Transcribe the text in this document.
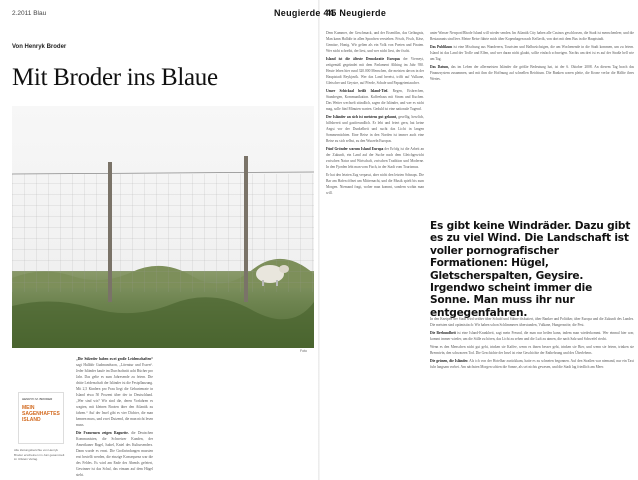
2.2011 Blau	Neugierde 44
Von Henryk Broder
Mit Broder ins Blaue
Foto

„Die Sülzeder haben zwei große Leidenschaften“ sagt Halldór Gudmundsson, „Literatur und Essen“. Jeder Isländer kaufe im Durchschnitt acht Bücher pro Jahr. Das gelte es zum Jahresende zu feiern. Die dritte Leidenschaft der Isländer ist die Festpflanzung. Mit 2,5 Kindern pro Frau liegt die Geburtenrate in Island etwa 50 Prozent über der in Deutschland. „Wer sind wir? Wir sind die, deren Vorfahren es wagten, mit kleinen Booten über den Atlantik zu fahren.“ Auf der Insel gibt es vier Dichter, die man kennen muss, und zwei Dutzend, die man nicht lesen muss.

Die Frauensen zeigen Raguette. die Deutschen Kommunisten, die Schweizer Kunden, der Amerikaner Bagel, Isabel, Kniel des Kultursenders. Dann wurde es ernst. Die Großwindungen mussten erst bestellt werden, die einzige Konsequenz war die des Feldes. Es wird am Ende des Abends gefeiert, Gewinner ist das Schaf, das einsam auf dem Hügel steht.

HENRYK M. BRODER
MEIN SAGENHAFTES ISLAND
Alle Zeitungsberichte von Henryk Broder erscheinen im Juni gesammelt im Ullstein Verlag.
45 Neugierde

Dem Kummer, der Geschmack, und der Eisenfilm, das Gefängnis, Man kann Halldór in allen Sprachen verstehen. Frisch, Fisch, Käse, Gemüse, Honig. Wir gelten als ein Volk von Poeten und Piraten. Wer nicht schreibt, der liest, und wer nicht liest, der fischt.

Island ist die älteste Demokratie Europas der Vierneyt, zeitgemäß gegründet mit dem Parlament Althing im Jahr 930. Heute leben hier rund 320.000 Menschen, die meisten davon in der Hauptstadt Reykjavík. Wer das Land bereist, trifft auf Vulkane, Gletscher und Geysire, auf Pferde, Schafe und Papageientaucher.

Unser Schicksal heißt Island-Tief. Regen, Eisbrechen, Standregen, Kommunikation. Kaffeehaus mit Strom und Kuchen. Das Wetter wechselt stündlich, sagen die Isländer, und wer es nicht mag, solle fünf Minuten warten. Geduld ist eine nationale Tugend.

Der Isländer an sich ist meistens gut gelaunt, gesellig, herzlich, hilfsbereit und gastfreundlich. Er lebt und feiert gern, hat keine Angst vor der Dunkelheit und sucht das Licht in langen Sommernächten. Eine Reise in den Norden ist immer auch eine Reise zu sich selbst, zu den Wurzeln Europas.

Fünf Grönder warum Island Europa der Erfolg ist die Arbeit an der Zukunft, ein Land auf der Suche nach dem Gleichgewicht zwischen Natur und Wirtschaft, zwischen Tradition und Moderne. In den Fjorden lebt man vom Fisch, in der Stadt vom Tourismus.

Er hat den letzten Zug verpasst, aber nicht den letzten Schnaps. Die Bar am Hafen öffnet um Mitternacht, und die Musik spielt bis zum Morgen. Niemand fragt, woher man kommt, sondern wohin man will.

unter Wasser Newport/Rhode Island will wieder senden. Im Atlantik City haben alle Casinos geschlossen, die Stadt ist menschenleer, und die Restaurants sind leer. Meine Reise führte mich über Kopenhagen nach Keflavík, von dort mit dem Bus in die Hauptstadt.

Das Publikum ist eine Mischung aus Wanderern, Touristen und Halbwüchsigen, die am Wochenende in die Stadt kommen, um zu feiern. Island ist das Land der Trolle und Elfen, und wer daran nicht glaubt, sollte einfach schweigen. Nachts um drei ist es auf der Straße hell wie am Tag.

Das Datum, das im Leben der allermeisten Isländer die größte Bedeutung hat, ist der 6. Oktober 2008. An diesem Tag brach das Finanzsystem zusammen, und mit ihm die Hoffnung auf schnellen Reichtum. Die Banken waren pleite, die Krone verlor die Hälfte ihres Wertes.

Es gibt keine Windräder. Dazu gibt es zu viel Wind. Die Landschaft ist voller pornografischer Formationen: Hügel, Gletscherspalten, Geysire. Irgendwo scheint immer die Sonne. Man muss ihr nur entgegenfahren.

In den Kneipen der Stadt wird seither über Schuld und Sühne diskutiert, über Banker und Politiker, über Europa und die Zukunft des Landes. Die meisten sind optimistisch: Wir haben schon Schlimmeres überstanden, Vulkane, Hungersnöte, die Pest.

Die Brehundheit ist eine Island-Krankheit, sagt mein Freund, die man nur heilen kann, indem man wiederkommt. Wer einmal hier war, kommt immer wieder, um die Stille zu hören, das Licht zu sehen und die Luft zu atmen, die nach Salz und Schwefel riecht.

Wenn es den Menschen nicht gut geht, trinken sie Kaffee, wenn es ihnen besser geht, trinken sie Bier, und wenn sie feiern, trinken sie Brennivín, den schwarzen Tod. Die Geschichte der Insel ist eine Geschichte der Entbehrung und des Überlebens.

Die grünen, die Isländer. Als ich von der Hotelbar zurückkam, hatte es zu schneien begonnen. Auf den Straßen war niemand, nur ein Taxi fuhr langsam vorbei. Am nächsten Morgen schien die Sonne, als sei nichts gewesen, und die Stadt lag friedlich am Meer.
